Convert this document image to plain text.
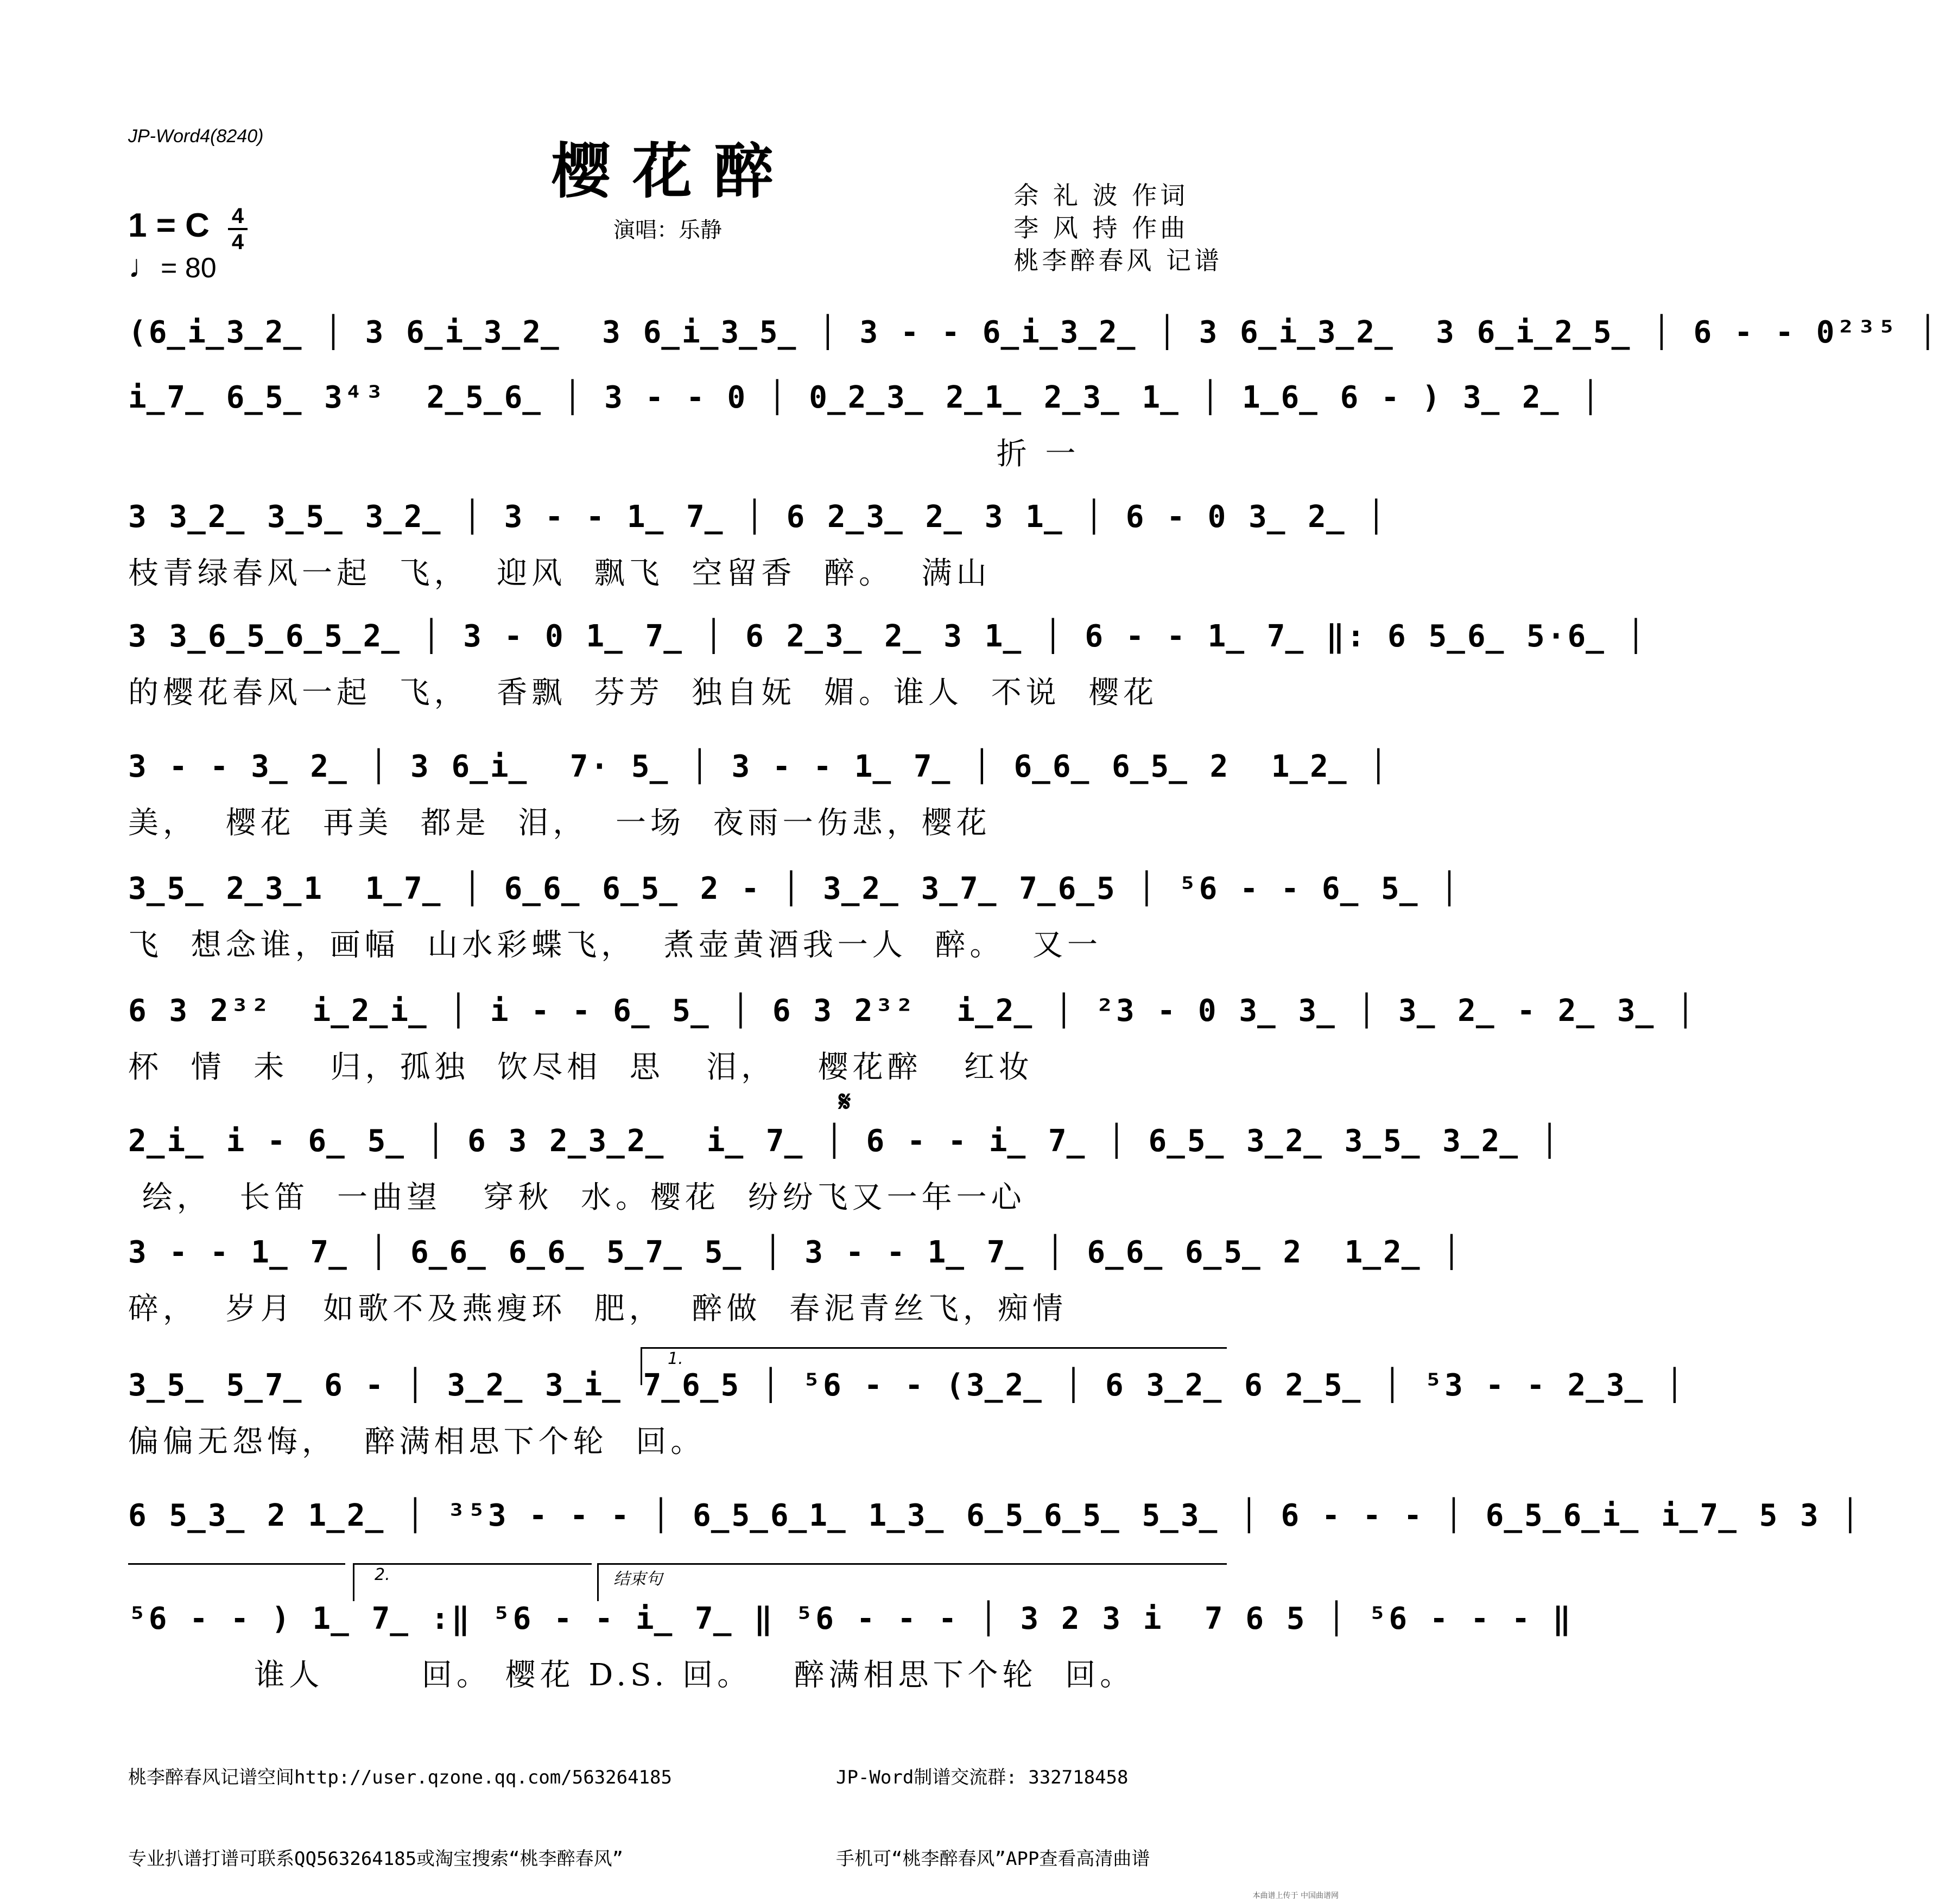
JP-Word4(8240)	樱花醉
演唱：乐静
余 礼 波 作词
李 风 持 作曲
桃李醉春风 记谱
1 = C 4
4
♩= 80
(6̲i̲3̲2̲ │ 3 6̲i̲3̲2̲  3 6̲i̲3̲5̲ │ 3 - - 6̲i̲3̲2̲ │ 3 6̲i̲3̲2̲  3 6̲i̲2̲5̲ │ 6 - - 0²³⁵ │
i̲7̲ 6̲5̲ 3⁴³  2̲5̲6̲ │ 3 - - 0 │ 0̲2̲3̲ 2̲1̲ 2̲3̲ 1̲ │ 1̲6̲ 6 - ) 3̲ 2̲ │
折 一
3 3̲2̲ 3̲5̲ 3̲2̲ │ 3 - - 1̲ 7̲ │ 6 2̲3̲ 2̲ 3 1̲ │ 6 - 0 3̲ 2̲ │
枝青绿春风一起  飞，  迎风  飘飞  空留香  醉。  满山
3 3̲6̲5̲6̲5̲2̲ │ 3 - 0 1̲ 7̲ │ 6 2̲3̲ 2̲ 3 1̲ │ 6 - - 1̲ 7̲ ‖: 6 5̲6̲ 5·6̲ │
的樱花春风一起  飞，  香飘  芬芳  独自妩  媚。谁人  不说  樱花
3 - - 3̲ 2̲ │ 3 6̲i̲  7· 5̲ │ 3 - - 1̲ 7̲ │ 6̲6̲ 6̲5̲ 2  1̲2̲ │
美，  樱花  再美  都是  泪，  一场  夜雨一伤悲，樱花
3̲5̲ 2̲3̲1  1̲7̲ │ 6̲6̲ 6̲5̲ 2 - │ 3̲2̲ 3̲7̲ 7̲6̲5 │ ⁵6 - - 6̲ 5̲ │
飞  想念谁，画幅  山水彩蝶飞，  煮壶黄酒我一人  醉。  又一
6 3 2³²  i̲2̲i̲ │ i - - 6̲ 5̲ │ 6 3 2³²  i̲2̲ │ ²3 - 0 3̲ 3̲ │ 3̲ 2̲ - 2̲ 3̲ │
杯  情  未   归，孤独  饮尽相  思   泪，   樱花醉   红妆
𝄋
2̲i̲ i - 6̲ 5̲ │ 6 3 2̲3̲2̲  i̲ 7̲ │ 6 - - i̲ 7̲ │ 6̲5̲ 3̲2̲ 3̲5̲ 3̲2̲ │
绘，  长笛  一曲望   穿秋  水。樱花  纷纷飞又一年一心
3 - - 1̲ 7̲ │ 6̲6̲ 6̲6̲ 5̲7̲ 5̲ │ 3 - - 1̲ 7̲ │ 6̲6̲ 6̲5̲ 2  1̲2̲ │
碎，  岁月  如歌不及燕瘦环  肥，  醉做  春泥青丝飞，痴情
1.
3̲5̲ 5̲7̲ 6 - │ 3̲2̲ 3̲i̲ 7̲6̲5 │ ⁵6 - - (3̲2̲ │ 6 3̲2̲ 6 2̲5̲ │ ⁵3 - - 2̲3̲ │
偏偏无怨悔，  醉满相思下个轮  回。
6 5̲3̲ 2 1̲2̲ │ ³⁵3 - - - │ 6̲5̲6̲1̲ 1̲3̲ 6̲5̲6̲5̲ 5̲3̲ │ 6 - - - │ 6̲5̲6̲i̲ i̲7̲ 5 3 │
2.	结束句
⁵6 - - ) 1̲ 7̲ :‖ ⁵6 - - i̲ 7̲ ‖ ⁵6 - - - │ 3 2 3 i  7 6 5 │ ⁵6 - - - ‖
谁人       回。 樱花 D.S. 回。   醉满相思下个轮  回。

桃李醉春风记谱空间http://user.qzone.qq.com/563264185

专业扒谱打谱可联系QQ563264185或淘宝搜索“桃李醉春风”

JP-Word制谱交流群: 332718458

手机可“桃李醉春风”APP查看高清曲谱

本曲谱上传于 中国曲谱网
